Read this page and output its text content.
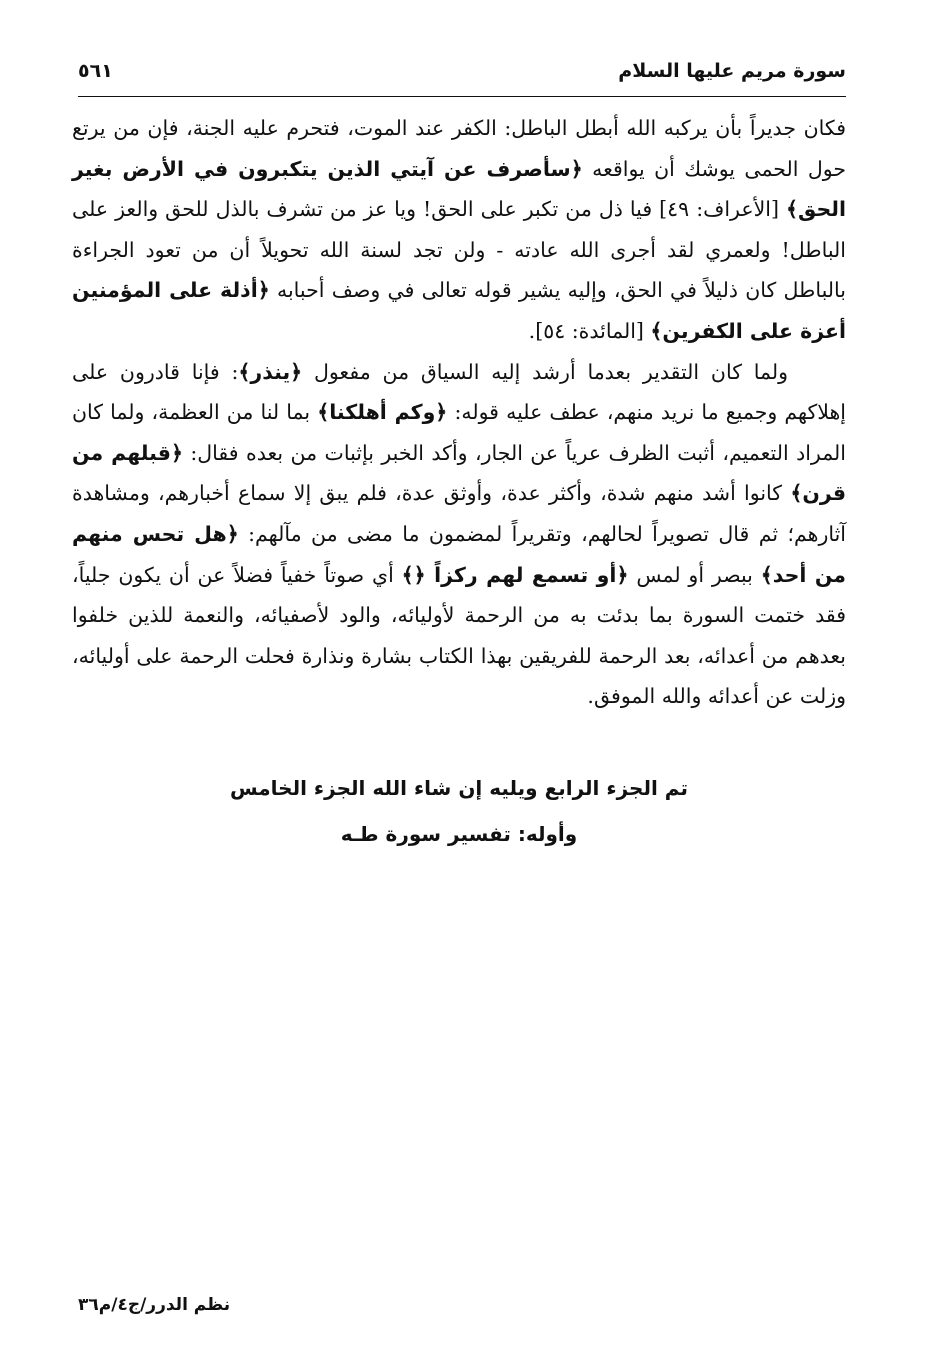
سورة مريم عليها السلام
٥٦١

فكان جديراً بأن يركبه الله أبطل الباطل: الكفر عند الموت، فتحرم عليه الجنة، فإن من يرتع حول الحمى يوشك أن يواقعه ﴿سأصرف عن آيتي الذين يتكبرون في الأرض بغير الحق﴾ [الأعراف: ٤٩] فيا ذل من تكبر على الحق! ويا عز من تشرف بالذل للحق والعز على الباطل! ولعمري لقد أجرى الله عادته - ولن تجد لسنة الله تحويلاً أن من تعود الجراءة بالباطل كان ذليلاً في الحق، وإليه يشير قوله تعالى في وصف أحبابه ﴿أذلة على المؤمنين أعزة على الكفرين﴾ [المائدة: ٥٤].

ولما كان التقدير بعدما أرشد إليه السياق من مفعول ﴿ينذر﴾: فإنا قادرون على إهلاكهم وجميع ما نريد منهم، عطف عليه قوله: ﴿وكم أهلكنا﴾ بما لنا من العظمة، ولما كان المراد التعميم، أثبت الظرف عرياً عن الجار، وأكد الخبر بإثبات من بعده فقال: ﴿قبلهم من قرن﴾ كانوا أشد منهم شدة، وأكثر عدة، وأوثق عدة، فلم يبق إلا سماع أخبارهم، ومشاهدة آثارهم؛ ثم قال تصويراً لحالهم، وتقريراً لمضمون ما مضى من مآلهم: ﴿هل تحس منهم من أحد﴾ ببصر أو لمس ﴿أو تسمع لهم ركزاً ﴿﴾ أي صوتاً خفياً فضلاً عن أن يكون جلياً، فقد ختمت السورة بما بدئت به من الرحمة لأوليائه، والود لأصفيائه، والنعمة للذين خلفوا بعدهم من أعدائه، بعد الرحمة للفريقين بهذا الكتاب بشارة ونذارة فحلت الرحمة على أوليائه، وزلت عن أعدائه والله الموفق.

تم الجزء الرابع ويليه إن شاء الله الجزء الخامس
وأوله: تفسير سورة طـه
نظم الدرر/ج٤/م٣٦
